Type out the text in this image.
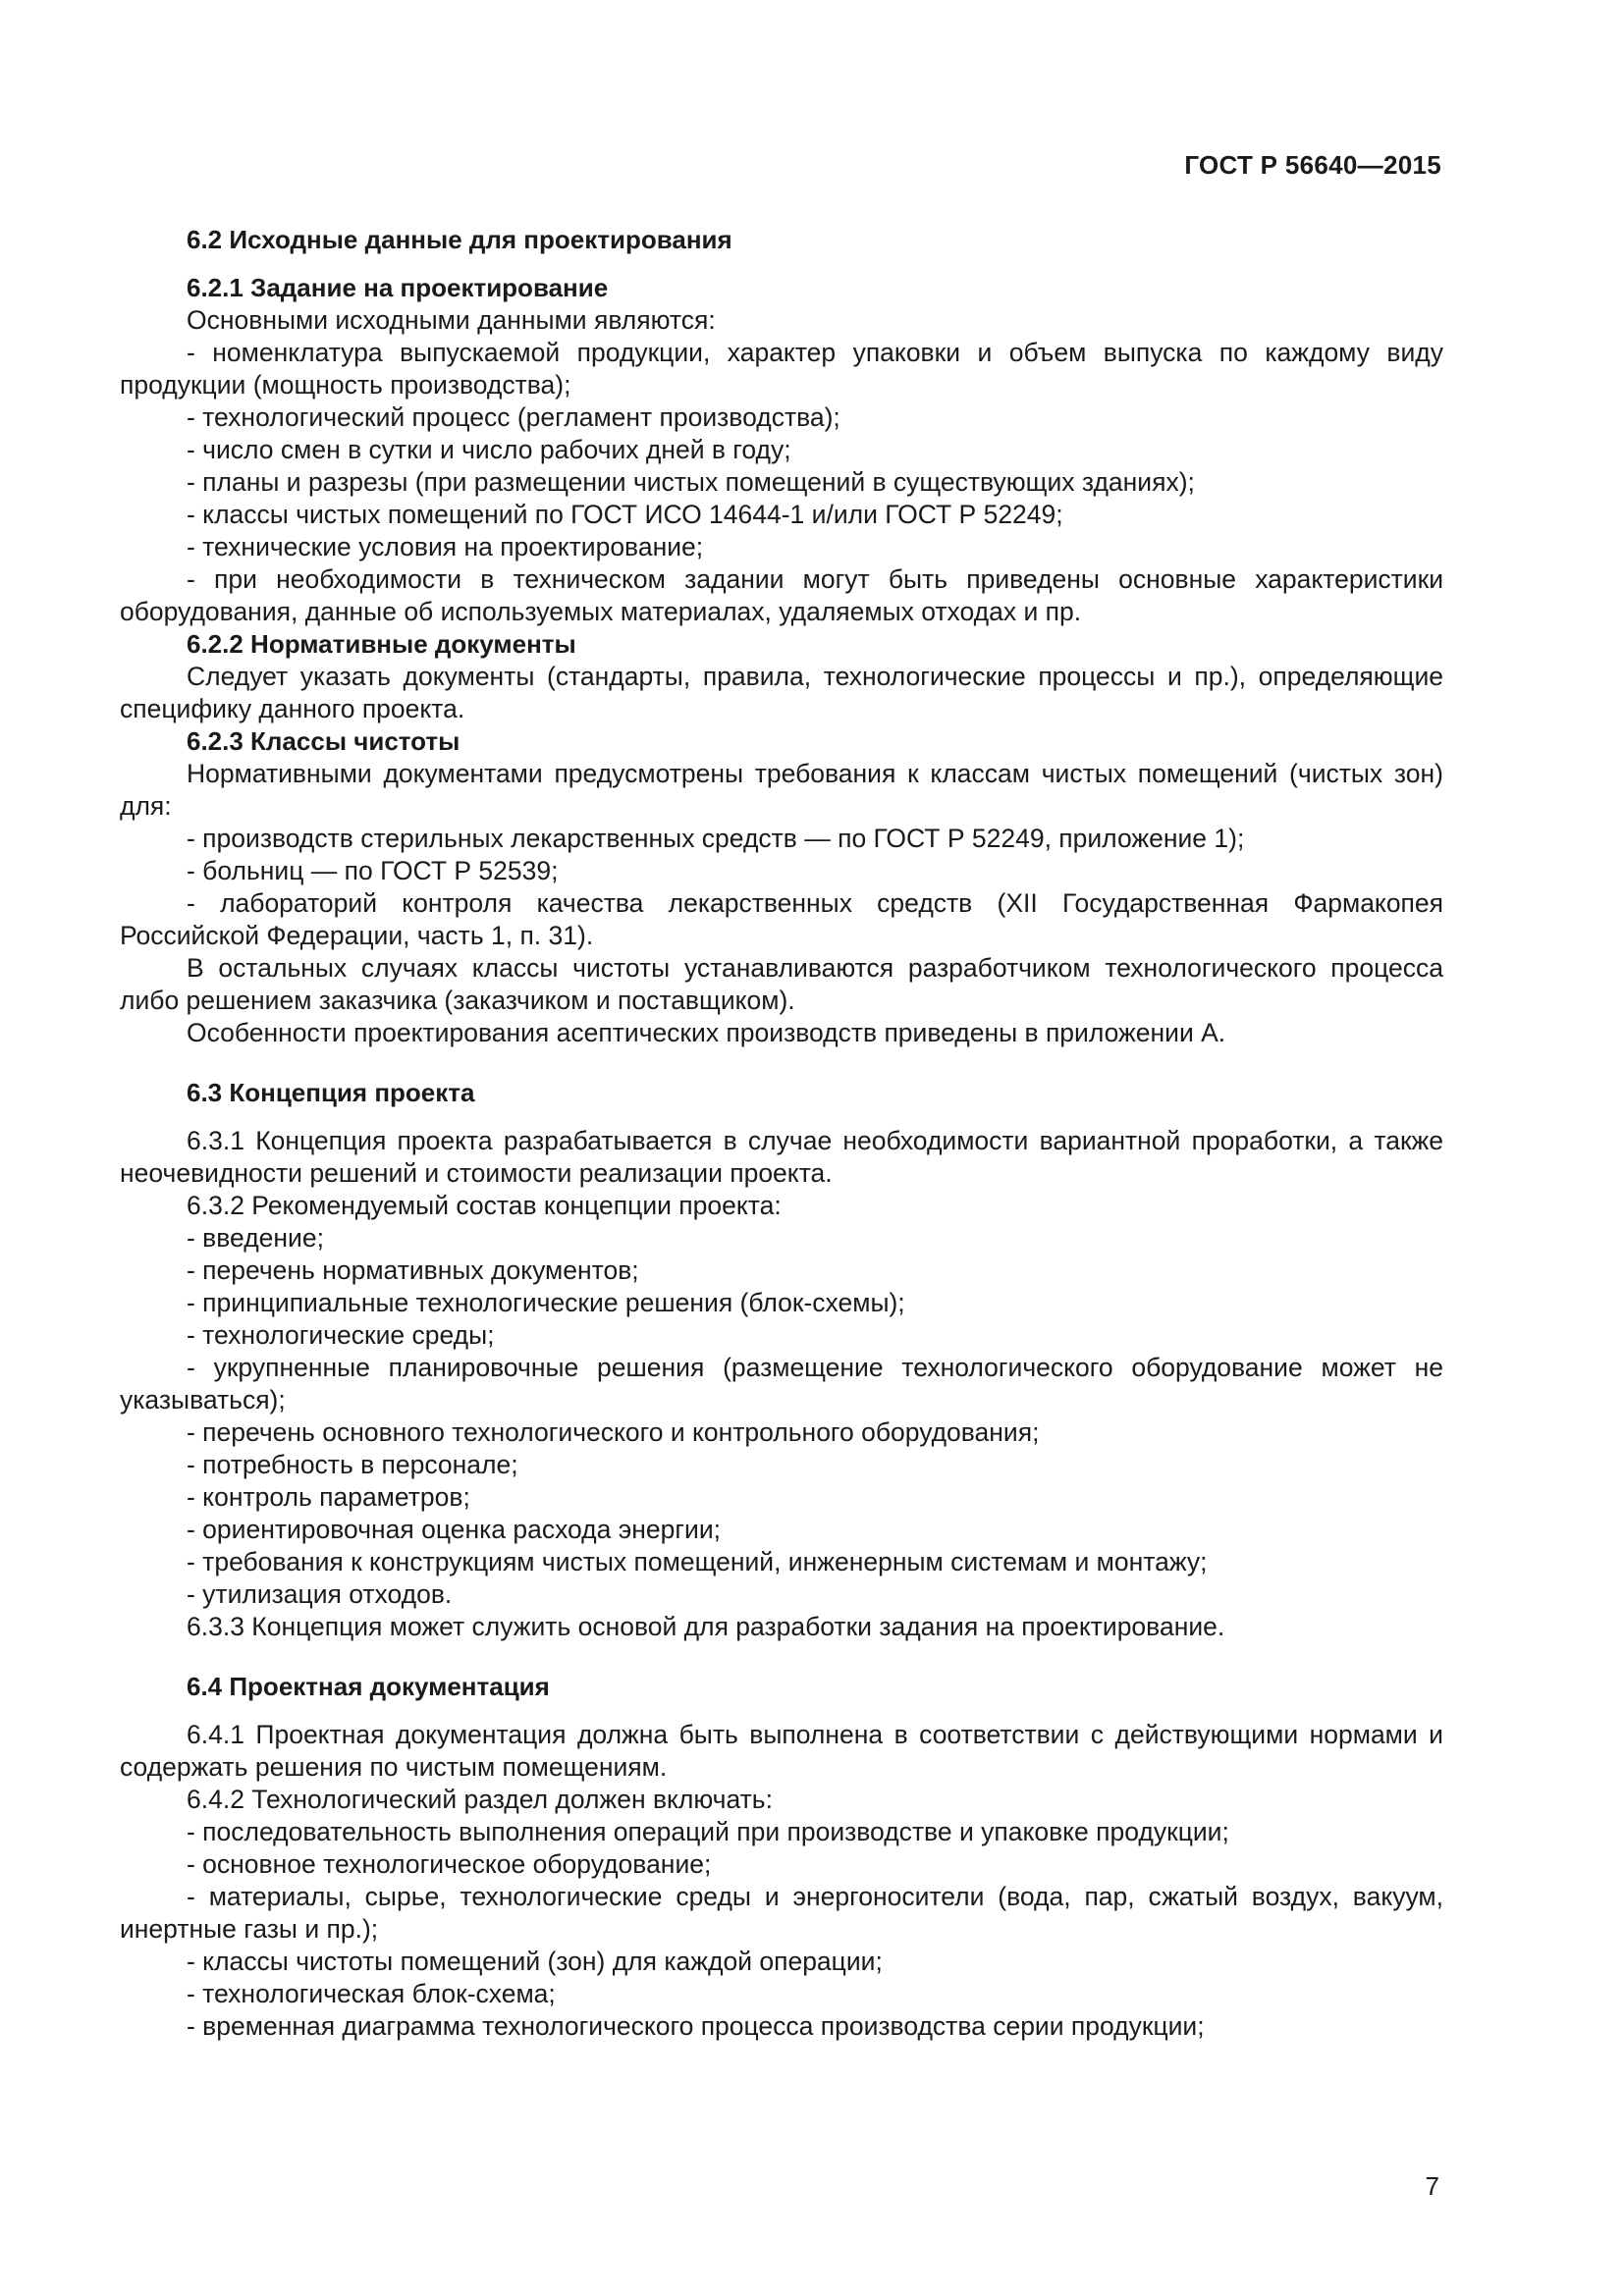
ГОСТ Р 56640—2015

6.2 Исходные данные для проектирования

6.2.1 Задание на проектирование

Основными исходными данными являются:

- номенклатура выпускаемой продукции, характер упаковки и объем выпуска по каждому виду продукции (мощность производства);

- технологический процесс (регламент производства);

- число смен в сутки и число рабочих дней в году;

- планы и разрезы (при размещении чистых помещений в существующих зданиях);

- классы чистых помещений по ГОСТ ИСО 14644-1 и/или ГОСТ Р 52249;

- технические условия на проектирование;

- при необходимости в техническом задании могут быть приведены основные характеристики оборудования, данные об используемых материалах, удаляемых отходах и пр.

6.2.2 Нормативные документы

Следует указать документы (стандарты, правила, технологические процессы и пр.), определяющие специфику данного проекта.

6.2.3 Классы чистоты

Нормативными документами предусмотрены требования к классам чистых помещений (чистых зон) для:

- производств стерильных лекарственных средств — по ГОСТ Р 52249, приложение 1);

- больниц — по ГОСТ Р 52539;

- лабораторий контроля качества лекарственных средств (XII Государственная Фармакопея Российской Федерации, часть 1, п. 31).

В остальных случаях классы чистоты устанавливаются разработчиком технологического процесса либо решением заказчика (заказчиком и поставщиком).

Особенности проектирования асептических производств приведены в приложении А.

6.3 Концепция проекта

6.3.1 Концепция проекта разрабатывается в случае необходимости вариантной проработки, а также неочевидности решений и стоимости реализации проекта.

6.3.2 Рекомендуемый состав концепции проекта:

- введение;

- перечень нормативных документов;

- принципиальные технологические решения (блок-схемы);

- технологические среды;

- укрупненные планировочные решения (размещение технологического оборудование может не указываться);

- перечень основного технологического и контрольного оборудования;

- потребность в персонале;

- контроль параметров;

- ориентировочная оценка расхода энергии;

- требования к конструкциям чистых помещений, инженерным системам и монтажу;

- утилизация отходов.

6.3.3 Концепция может служить основой для разработки задания на проектирование.

6.4 Проектная документация

6.4.1 Проектная документация должна быть выполнена в соответствии с действующими нормами и содержать решения по чистым помещениям.

6.4.2 Технологический раздел должен включать:

- последовательность выполнения операций при производстве и упаковке продукции;

- основное технологическое оборудование;

- материалы, сырье, технологические среды и энергоносители (вода, пар, сжатый воздух, вакуум, инертные газы и пр.);

- классы чистоты помещений (зон) для каждой операции;

- технологическая блок-схема;

- временная диаграмма технологического процесса производства серии продукции;

7
